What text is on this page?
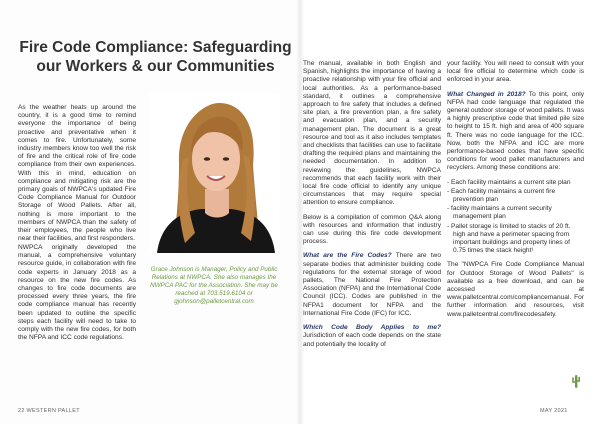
Fire Code Compliance: Safeguarding our Workers & our Communities

As the weather heats up around the country, it is a good time to remind everyone the importance of being proactive and preventative when it comes to fire. Unfortunately, some industry members know too well the risk of fire and the critical role of fire code compliance from their own experiences. With this in mind, education on compliance and mitigating risk are the primary goals of NWPCA's updated Fire Code Compliance Manual for Outdoor Storage of Wood Pallets. After all, nothing is more important to the members of NWPCA than the safety of their employees, the people who live near their facilities, and first responders.

Grace Johnson is Manager, Policy and Public Relations at NWPCA. She also manages the NWPCA PAC for the Association. She may be reached at 703.519.6104 or gjohnson@palletcentral.com

NWPCA originally developed the manual, a comprehensive voluntary resource guide, in collaboration with fire code experts in January 2018 as a resource on the new fire codes. As changes to fire code documents are processed every three years, the fire code compliance manual has recently been updated to outline the specific steps each facility will need to take to comply with the new fire codes, for both the NFPA and ICC code regulations.

The manual, available in both English and Spanish, highlights the importance of having a proactive relationship with your fire official and local authorities. As a performance-based standard, it outlines a comprehensive approach to fire safety that includes a defined site plan, a fire prevention plan, a fire safety and evacuation plan, and a security management plan. The document is a great resource and tool as it also includes templates and checklists that facilities can use to facilitate drafting the required plans and maintaining the needed documentation. In addition to reviewing the guidelines, NWPCA recommends that each facility work with their local fire code official to identify any unique circumstances that may require special attention to ensure compliance.

Below is a compilation of common Q&A along with resources and information that industry can use during this fire code development process.

What are the Fire Codes? There are two separate bodies that administer building code regulations for the external storage of wood pallets, The National Fire Protection Association (NFPA) and the International Code Council (ICC). Codes are published in the NFPA1 document for NFPA and the International Fire Code (IFC) for ICC.

Which Code Body Applies to me? Jurisdiction of each code depends on the state and potentially the locality of

your facility. You will need to consult with your local fire official to determine which code is enforced in your area.

What Changed in 2018? To this point, only NFPA had code language that regulated the general outdoor storage of wood pallets. It was a highly prescriptive code that limited pile size to height to 15 ft. high and area of 400 square ft. There was no code language for the ICC. Now, both the NFPA and ICC are more performance-based codes that have specific conditions for wood pallet manufacturers and recyclers. Among these conditions are:

- Each facility maintains a current site plan
- Each facility maintains a current fire prevention plan
- facility maintains a current security management plan
- Pallet storage is limited to stacks of 20 ft. high and have a perimeter spacing from important buildings and property lines of 0.75 times the stack height¹

The "NWPCA Fire Code Compliance Manual for Outdoor Storage of Wood Pallets" is available as a free download, and can be accessed at www.palletcentral.com/compliancemanual. For further information and resources, visit www.palletcentral.com/firecodesafety.

22 WESTERN PALLET	MAY 2021
